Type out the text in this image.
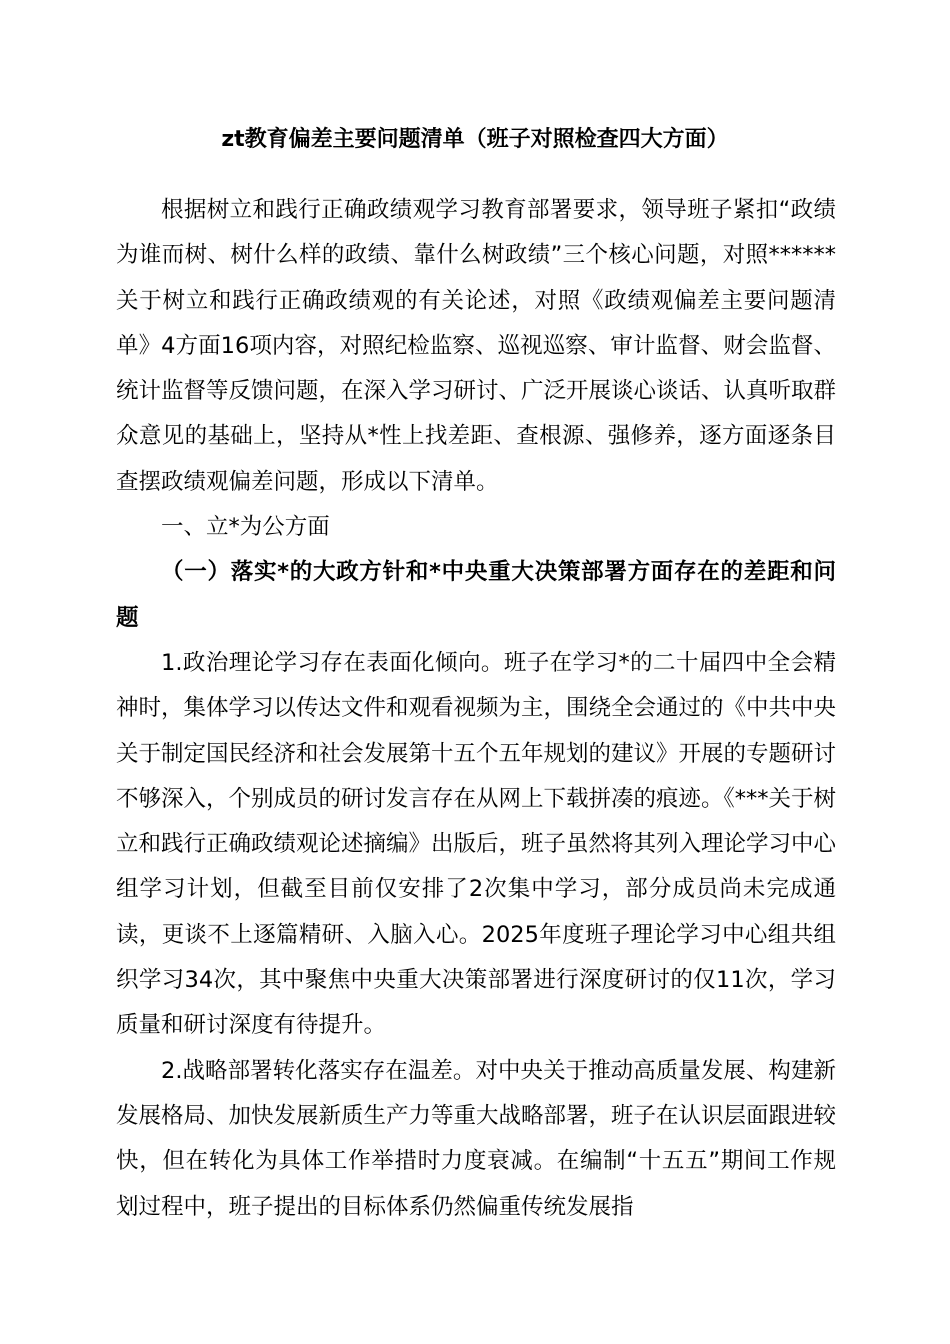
zt教育偏差主要问题清单（班子对照检查四大方面）

根据树立和践行正确政绩观学习教育部署要求，领导班子紧扣“政绩为谁而树、树什么样的政绩、靠什么树政绩”三个核心问题，对照******关于树立和践行正确政绩观的有关论述，对照《政绩观偏差主要问题清单》4方面16项内容，对照纪检监察、巡视巡察、审计监督、财会监督、统计监督等反馈问题，在深入学习研讨、广泛开展谈心谈话、认真听取群众意见的基础上，坚持从*性上找差距、查根源、强修养，逐方面逐条目查摆政绩观偏差问题，形成以下清单。

一、立*为公方面

（一）落实*的大政方针和*中央重大决策部署方面存在的差距和问题

1.政治理论学习存在表面化倾向。班子在学习*的二十届四中全会精神时，集体学习以传达文件和观看视频为主，围绕全会通过的《中共中央关于制定国民经济和社会发展第十五个五年规划的建议》开展的专题研讨不够深入，个别成员的研讨发言存在从网上下载拼凑的痕迹。《***关于树立和践行正确政绩观论述摘编》出版后，班子虽然将其列入理论学习中心组学习计划，但截至目前仅安排了2次集中学习，部分成员尚未完成通读，更谈不上逐篇精研、入脑入心。2025年度班子理论学习中心组共组织学习34次，其中聚焦中央重大决策部署进行深度研讨的仅11次，学习质量和研讨深度有待提升。

2.战略部署转化落实存在温差。对中央关于推动高质量发展、构建新发展格局、加快发展新质生产力等重大战略部署，班子在认识层面跟进较快，但在转化为具体工作举措时力度衰减。在编制“十五五”期间工作规划过程中，班子提出的目标体系仍然偏重传统发展指
